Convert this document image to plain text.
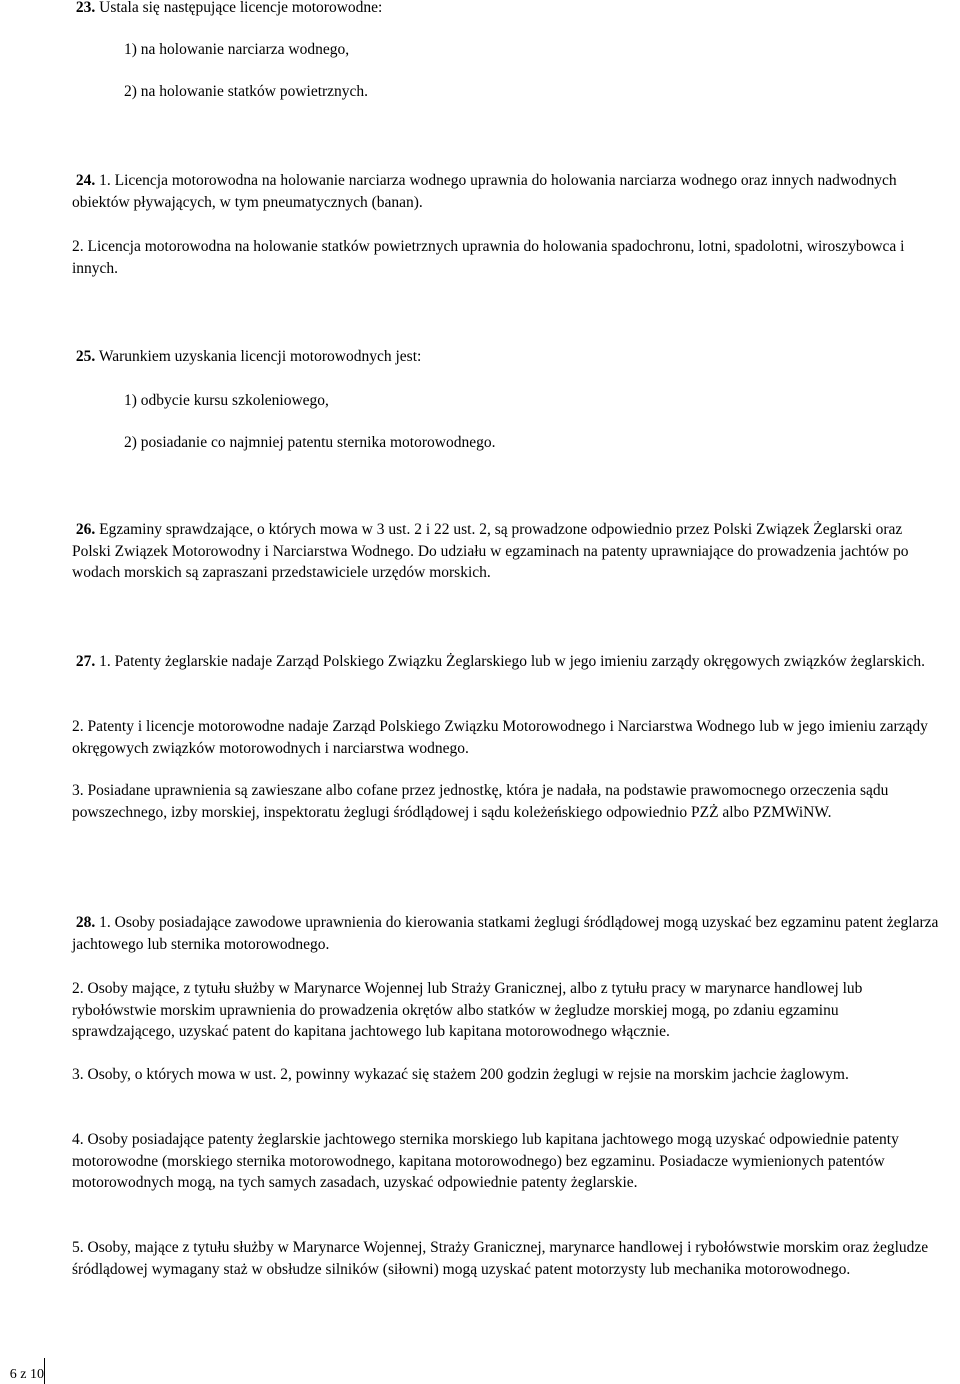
23. Ustala się następujące licencje motorowodne:

1) na holowanie narciarza wodnego,

2) na holowanie statków powietrznych.

24. 1. Licencja motorowodna na holowanie narciarza wodnego uprawnia do holowania narciarza wodnego oraz innych nadwodnych obiektów pływających, w tym pneumatycznych (banan).

2. Licencja motorowodna na holowanie statków powietrznych uprawnia do holowania spadochronu, lotni, spadolotni, wiroszybowca i innych.

25. Warunkiem uzyskania licencji motorowodnych jest:

1) odbycie kursu szkoleniowego,

2) posiadanie co najmniej patentu sternika motorowodnego.

26. Egzaminy sprawdzające, o których mowa w 3 ust. 2 i 22 ust. 2, są prowadzone odpowiednio przez Polski Związek Żeglarski oraz Polski Związek Motorowodny i Narciarstwa Wodnego. Do udziału w egzaminach na patenty uprawniające do prowadzenia jachtów po wodach morskich są zapraszani przedstawiciele urzędów morskich.

27. 1. Patenty żeglarskie nadaje Zarząd Polskiego Związku Żeglarskiego lub w jego imieniu zarządy okręgowych związków żeglarskich.

2. Patenty i licencje motorowodne nadaje Zarząd Polskiego Związku Motorowodnego i Narciarstwa Wodnego lub w jego imieniu zarządy okręgowych związków motorowodnych i narciarstwa wodnego.

3. Posiadane uprawnienia są zawieszane albo cofane przez jednostkę, która je nadała, na podstawie prawomocnego orzeczenia sądu powszechnego, izby morskiej, inspektoratu żeglugi śródlądowej i sądu koleżeńskiego odpowiednio PZŻ albo PZMWiNW.

28. 1. Osoby posiadające zawodowe uprawnienia do kierowania statkami żeglugi śródlądowej mogą uzyskać bez egzaminu patent żeglarza jachtowego lub sternika motorowodnego.

2. Osoby mające, z tytułu służby w Marynarce Wojennej lub Straży Granicznej, albo z tytułu pracy w marynarce handlowej lub rybołówstwie morskim uprawnienia do prowadzenia okrętów albo statków w żegludze morskiej mogą, po zdaniu egzaminu sprawdzającego, uzyskać patent do kapitana jachtowego lub kapitana motorowodnego włącznie.

3. Osoby, o których mowa w ust. 2, powinny wykazać się stażem 200 godzin żeglugi w rejsie na morskim jachcie żaglowym.

4. Osoby posiadające patenty żeglarskie jachtowego sternika morskiego lub kapitana jachtowego mogą uzyskać odpowiednie patenty motorowodne (morskiego sternika motorowodnego, kapitana motorowodnego) bez egzaminu. Posiadacze wymienionych patentów motorowodnych mogą, na tych samych zasadach, uzyskać odpowiednie patenty żeglarskie.

5. Osoby, mające z tytułu służby w Marynarce Wojennej, Straży Granicznej, marynarce handlowej i rybołówstwie morskim oraz żegludze śródlądowej wymagany staż w obsłudze silników (siłowni) mogą uzyskać patent motorzysty lub mechanika motorowodnego.

6 z 10
